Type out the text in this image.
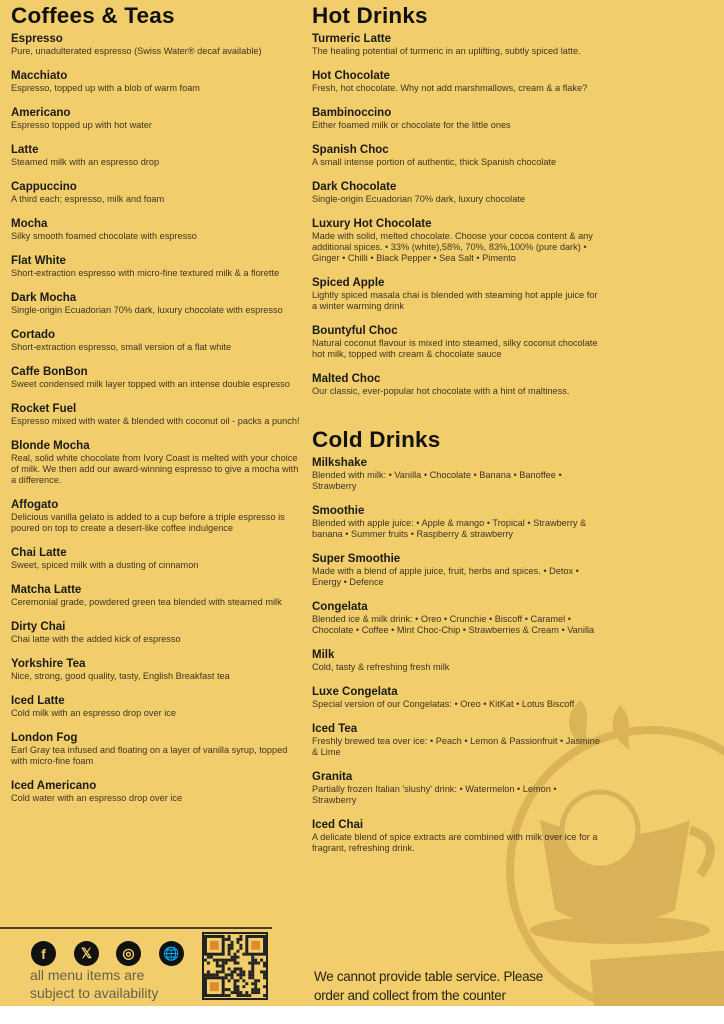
Coffees & Teas
Espresso
Pure, unadulterated espresso (Swiss Water® decaf available)
Macchiato
Espresso, topped up with a blob of warm foam
Americano
Espresso topped up with hot water
Latte
Steamed milk with an espresso drop
Cappuccino
A third each; espresso, milk and foam
Mocha
Silky smooth foamed chocolate with espresso
Flat White
Short-extraction espresso with micro-fine textured milk & a florette
Dark Mocha
Single-origin Ecuadorian 70% dark, luxury chocolate with espresso
Cortado
Short-extraction espresso, small version of a flat white
Caffe BonBon
Sweet condensed milk layer topped with an intense double espresso
Rocket Fuel
Espresso mixed with water & blended with coconut oil - packs a punch!
Blonde Mocha
Real, solid white chocolate from Ivory Coast is melted with your choice of milk. We then add our award-winning espresso to give a mocha with a difference.
Affogato
Delicious vanilla gelato is added to a cup before a triple espresso is poured on top to create a desert-like coffee indulgence
Chai Latte
Sweet, spiced milk with a dusting of cinnamon
Matcha Latte
Ceremonial grade, powdered green tea blended with steamed milk
Dirty Chai
Chai latte with the added kick of espresso
Yorkshire Tea
Nice, strong, good quality, tasty, English Breakfast tea
Iced Latte
Cold milk with an espresso drop over ice
London Fog
Earl Gray tea infused and floating on a layer of vanilla syrup, topped with micro-fine foam
Iced Americano
Cold water with an espresso drop over ice
Hot Drinks
Turmeric Latte
The healing potential of turmeric in an uplifting, subtly spiced latte.
Hot Chocolate
Fresh, hot chocolate. Why not add marshmallows, cream & a flake?
Bambinoccino
Either foamed milk or chocolate for the little ones
Spanish Choc
A small intense portion of authentic, thick Spanish chocolate
Dark Chocolate
Single-origin Ecuadorian 70% dark, luxury chocolate
Luxury Hot Chocolate
Made with solid, melted chocolate. Choose your cocoa content & any additional spices. • 33% (white),58%, 70%, 83%,100% (pure dark) • Ginger • Chilli • Black Pepper • Sea Salt • Pimento
Spiced Apple
Lightly spiced masala chai is blended with steaming hot apple juice for a winter warming drink
Bountyful Choc
Natural coconut flavour is mixed into steamed, silky coconut chocolate hot milk, topped with cream & chocolate sauce
Malted Choc
Our classic, ever-popular hot chocolate with a hint of maltiness.
Cold Drinks
Milkshake
Blended with milk: • Vanilla • Chocolate • Banana • Banoffee • Strawberry
Smoothie
Blended with apple juice: • Apple & mango • Tropical • Strawberry & banana • Summer fruits • Raspberry & strawberry
Super Smoothie
Made with a blend of apple juice, fruit, herbs and spices. • Detox • Energy • Defence
Congelata
Blended ice & milk drink: • Oreo • Crunchie • Biscoff • Caramel • Chocolate • Coffee • Mint Choc-Chip • Strawberries & Cream • Vanilla
Milk
Cold, tasty & refreshing fresh milk
Luxe Congelata
Special version of our Congelatas: • Oreo • KitKat • Lotus Biscoff
Iced Tea
Freshly brewed tea over ice: • Peach • Lemon & Passionfruit • Jasmine & Lime
Granita
Partially frozen Italian 'slushy' drink: • Watermelon • Lemon • Strawberry
Iced Chai
A delicate blend of spice extracts are combined with milk over ice for a fragrant, refreshing drink.
f	𝕏	◎	🌐
all menu items are
subject to availability
We cannot provide table service. Please
order and collect from the counter
